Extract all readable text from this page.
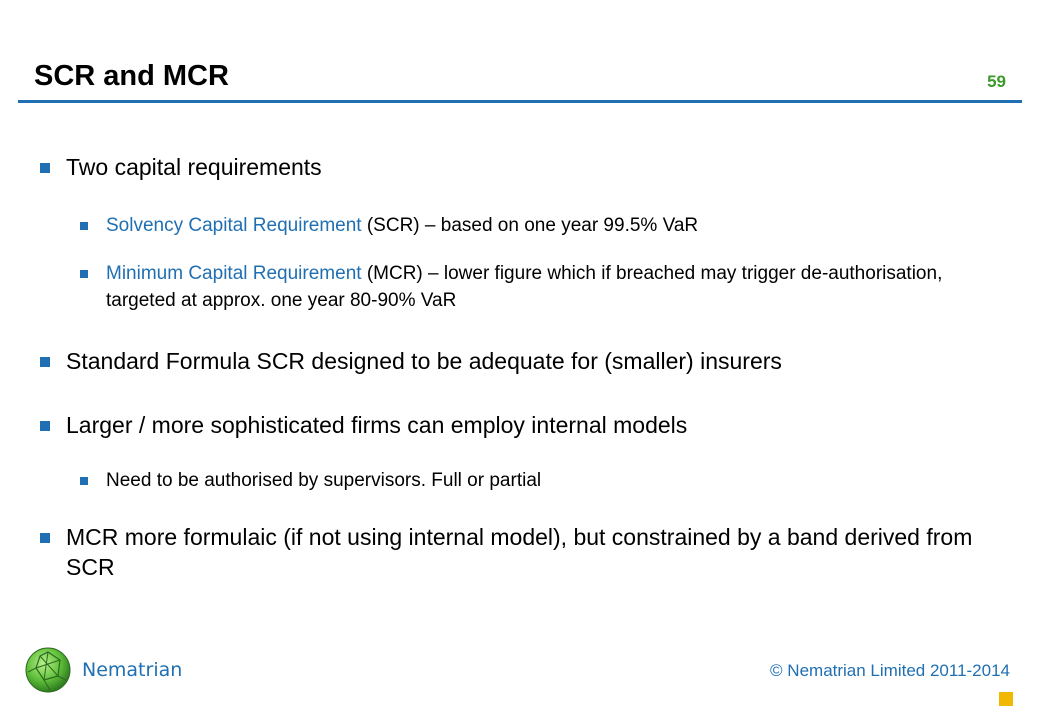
SCR and MCR	59
Two capital requirements
Solvency Capital Requirement (SCR) – based on one year 99.5% VaR
Minimum Capital Requirement (MCR) – lower figure which if breached may trigger de-authorisation, targeted at approx. one year 80-90% VaR
Standard Formula SCR designed to be adequate for (smaller) insurers
Larger / more sophisticated firms can employ internal models
Need to be authorised by supervisors. Full or partial
MCR more formulaic (if not using internal model), but constrained by a band derived from SCR
Nematrian	© Nematrian Limited 2011-2014
